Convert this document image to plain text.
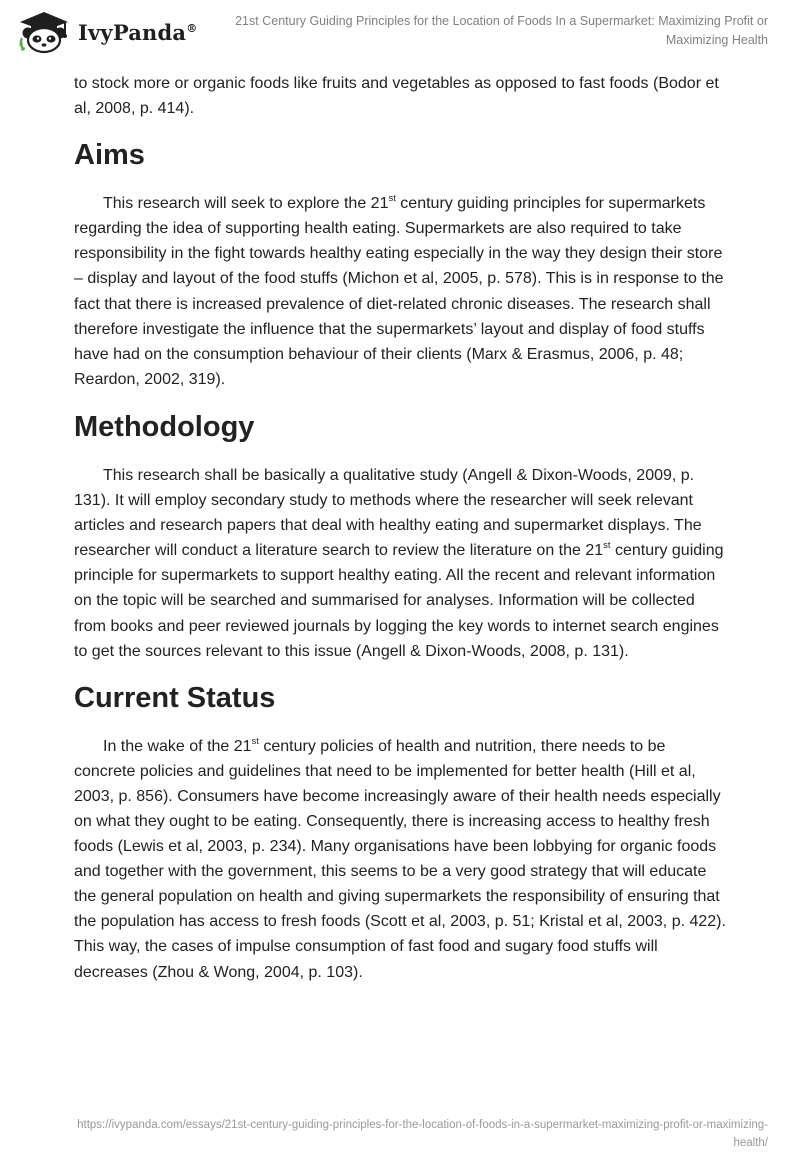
IvyPanda®
21st Century Guiding Principles for the Location of Foods In a Supermarket: Maximizing Profit or Maximizing Health

to stock more or organic foods like fruits and vegetables as opposed to fast foods (Bodor et al, 2008, p. 414).

Aims

This research will seek to explore the 21st century guiding principles for supermarkets regarding the idea of supporting health eating. Supermarkets are also required to take responsibility in the fight towards healthy eating especially in the way they design their store – display and layout of the food stuffs (Michon et al, 2005, p. 578). This is in response to the fact that there is increased prevalence of diet-related chronic diseases. The research shall therefore investigate the influence that the supermarkets’ layout and display of food stuffs have had on the consumption behaviour of their clients (Marx & Erasmus, 2006, p. 48; Reardon, 2002, 319).

Methodology

This research shall be basically a qualitative study (Angell & Dixon-Woods, 2009, p. 131). It will employ secondary study to methods where the researcher will seek relevant articles and research papers that deal with healthy eating and supermarket displays. The researcher will conduct a literature search to review the literature on the 21st century guiding principle for supermarkets to support healthy eating. All the recent and relevant information on the topic will be searched and summarised for analyses. Information will be collected from books and peer reviewed journals by logging the key words to internet search engines to get the sources relevant to this issue (Angell & Dixon-Woods, 2008, p. 131).

Current Status

In the wake of the 21st century policies of health and nutrition, there needs to be concrete policies and guidelines that need to be implemented for better health (Hill et al, 2003, p. 856). Consumers have become increasingly aware of their health needs especially on what they ought to be eating. Consequently, there is increasing access to healthy fresh foods (Lewis et al, 2003, p. 234). Many organisations have been lobbying for organic foods and together with the government, this seems to be a very good strategy that will educate the general population on health and giving supermarkets the responsibility of ensuring that the population has access to fresh foods (Scott et al, 2003, p. 51; Kristal et al, 2003, p. 422). This way, the cases of impulse consumption of fast food and sugary food stuffs will decreases (Zhou & Wong, 2004, p. 103).

https://ivypanda.com/essays/21st-century-guiding-principles-for-the-location-of-foods-in-a-supermarket-maximizing-profit-or-maximizing-health/
